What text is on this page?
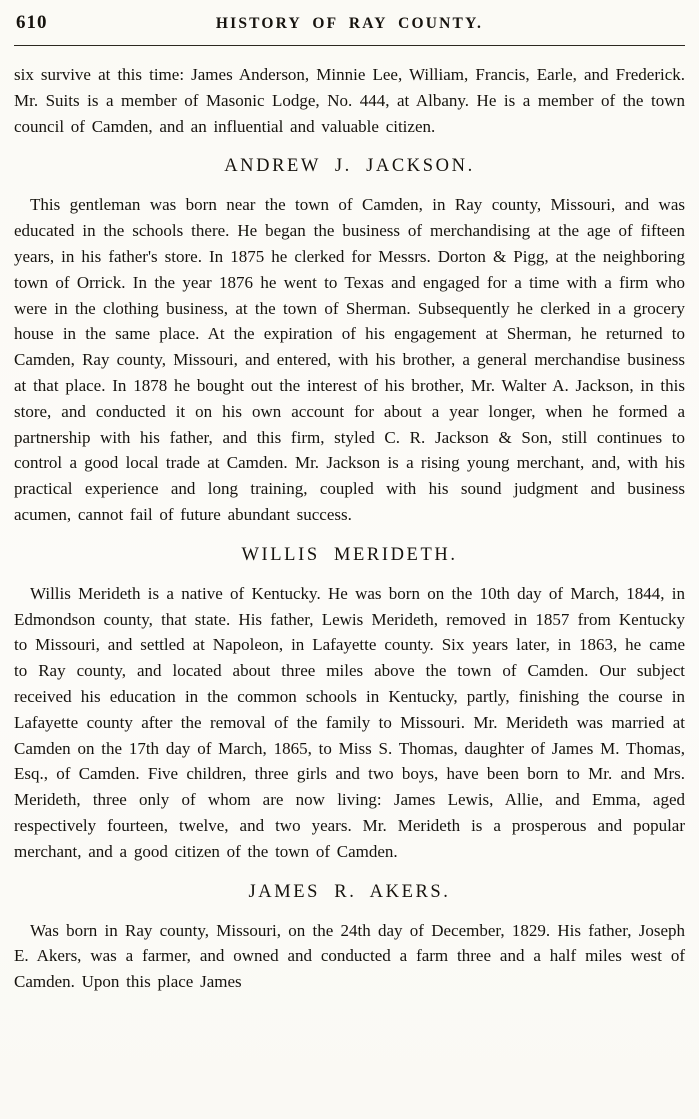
610	HISTORY OF RAY COUNTY.

six survive at this time: James Anderson, Minnie Lee, William, Francis, Earle, and Frederick. Mr. Suits is a member of Masonic Lodge, No. 444, at Albany. He is a member of the town council of Camden, and an influential and valuable citizen.

ANDREW J. JACKSON.

This gentleman was born near the town of Camden, in Ray county, Missouri, and was educated in the schools there. He began the business of merchandising at the age of fifteen years, in his father's store. In 1875 he clerked for Messrs. Dorton & Pigg, at the neighboring town of Orrick. In the year 1876 he went to Texas and engaged for a time with a firm who were in the clothing business, at the town of Sherman. Subsequently he clerked in a grocery house in the same place. At the expiration of his engagement at Sherman, he returned to Camden, Ray county, Missouri, and entered, with his brother, a general merchandise business at that place. In 1878 he bought out the interest of his brother, Mr. Walter A. Jackson, in this store, and conducted it on his own account for about a year longer, when he formed a partnership with his father, and this firm, styled C. R. Jackson & Son, still continues to control a good local trade at Camden. Mr. Jackson is a rising young merchant, and, with his practical experience and long training, coupled with his sound judgment and business acumen, cannot fail of future abundant success.

WILLIS MERIDETH.

Willis Merideth is a native of Kentucky. He was born on the 10th day of March, 1844, in Edmondson county, that state. His father, Lewis Merideth, removed in 1857 from Kentucky to Missouri, and settled at Napoleon, in Lafayette county. Six years later, in 1863, he came to Ray county, and located about three miles above the town of Camden. Our subject received his education in the common schools in Kentucky, partly, finishing the course in Lafayette county after the removal of the family to Missouri. Mr. Merideth was married at Camden on the 17th day of March, 1865, to Miss S. Thomas, daughter of James M. Thomas, Esq., of Camden. Five children, three girls and two boys, have been born to Mr. and Mrs. Merideth, three only of whom are now living: James Lewis, Allie, and Emma, aged respectively fourteen, twelve, and two years. Mr. Merideth is a prosperous and popular merchant, and a good citizen of the town of Camden.

JAMES R. AKERS.

Was born in Ray county, Missouri, on the 24th day of December, 1829. His father, Joseph E. Akers, was a farmer, and owned and conducted a farm three and a half miles west of Camden. Upon this place James
